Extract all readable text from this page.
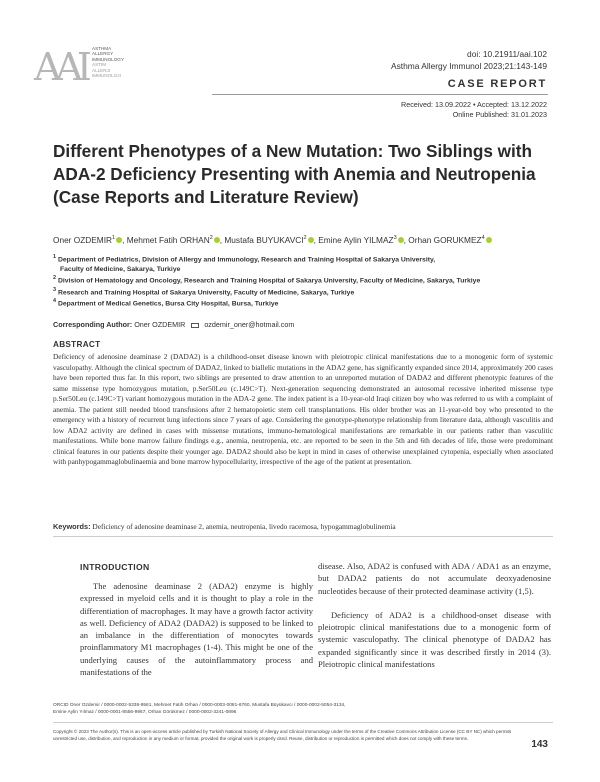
AAI	ASTHMA
ALLERGY
IMMUNOLOGY
ASTIM
ALLERJI
IMMUNOLOJI
doi: 10.21911/aai.102
Asthma Allergy Immunol 2023;21:143-149
CASE REPORT
Received: 13.09.2022 • Accepted: 13.12.2022
Online Published: 31.01.2023
Different Phenotypes of a New Mutation: Two Siblings with ADA-2 Deficiency Presenting with Anemia and Neutropenia (Case Reports and Literature Review)
Oner OZDEMIR$^1$ , Mehmet Fatih ORHAN$^2$ , Mustafa BUYUKAVCI$^2$ , Emine Aylin YILMAZ$^3$ , Orhan GORUKMEZ$^4$
$^1$ Department of Pediatrics, Division of Allergy and Immunology, Research and Training Hospital of Sakarya University,
Faculty of Medicine, Sakarya, Turkiye
$^2$ Division of Hematology and Oncology, Research and Training Hospital of Sakarya University, Faculty of Medicine, Sakarya, Turkiye
$^3$ Research and Training Hospital of Sakarya University, Faculty of Medicine, Sakarya, Turkiye
$^4$ Department of Medical Genetics, Bursa City Hospital, Bursa, Turkiye
Corresponding Author: Oner OZDEMIR	ozdemir_oner@hotmail.com
ABSTRACT
Deficiency of adenosine deaminase 2 (DADA2) is a childhood-onset disease known with pleiotropic clinical manifestations due to a monogenic form of systemic vasculopathy. Although the clinical spectrum of DADA2, linked to biallelic mutations in the ADA2 gene, has significantly expanded since 2014, approximately 200 cases have been reported thus far. In this report, two siblings are presented to draw attention to an unreported mutation of DADA2 and different phenotypic features of the same missense type homozygous mutation, p.Ser50Leu (c.149C>T). Next-generation sequencing demonstrated an autosomal recessive inherited missense type p.Ser50Leu (c.149C>T) variant homozygous mutation in the ADA-2 gene. The index patient is a 10-year-old Iraqi citizen boy who was referred to us with a complaint of anemia. The patient still needed blood transfusions after 2 hematopoietic stem cell transplantations. His older brother was an 11-year-old boy who presented to the emergency with a history of recurrent lung infections since 7 years of age. Considering the genotype-phenotype relationship from literature data, although vasculitis and low ADA2 activity are defined in cases with missense mutations, immuno-hematological manifestations are remarkable in our patients rather than vasculitic manifestations. While bone marrow failure findings e.g., anemia, neutropenia, etc. are reported to be seen in the 5th and 6th decades of life, those were predominant clinical features in our patients despite their younger age. DADA2 should also be kept in mind in cases of otherwise unexplained cytopenia, especially when associated with panhypogammaglobulinaemia and bone marrow hypocellularity, irrespective of the age of the patient at presentation.
Keywords: Deficiency of adenosine deaminase 2, anemia, neutropenia, livedo racemosa, hypogammaglobulinemia
INTRODUCTION

The adenosine deaminase 2 (ADA2) enzyme is highly expressed in myeloid cells and it is thought to play a role in the differentiation of macrophages. It may have a growth factor activity as well. Deficiency of ADA2 (DADA2) is supposed to be linked to an imbalance in the differentiation of monocytes towards proinflammatory M1 macrophages (1-4). This might be one of the underlying causes of the autoinflammatory process and manifestations of the

disease. Also, ADA2 is confused with ADA / ADA1 as an enzyme, but DADA2 patients do not accumulate deoxyadenosine nucleotides because of their protected deaminase activity (1,5).

Deficiency of ADA2 is a childhood-onset disease with pleiotropic clinical manifestations due to a monogenic form of systemic vasculopathy. The clinical phenotype of DADA2 has expanded significantly since it was described firstly in 2014 (3). Pleiotropic clinical manifestations

ORCID Oner Ozdemir / 0000-0002-5338-9561, Mehmet Fatih Orhan / 0000-0003-0081-6760, Mustafa Büyükavcı / 0000-0002-5054-3134,
Emine Aylin Yılmaz / 0000-0001-8556-9967, Orhan Görükmez / 0000-0002-3241-0896
Copyright © 2023 The Author(s). This is an open-access article published by Turkish National Society of Allergy and Clinical Immunology under the terms of the Creative Commons Attribution License (CC BY NC) which permits unrestricted use, distribution, and reproduction in any medium or format, provided the original work is properly cited. Reuse, distribution or reproduction is permitted which does not comply with these terms.
143
